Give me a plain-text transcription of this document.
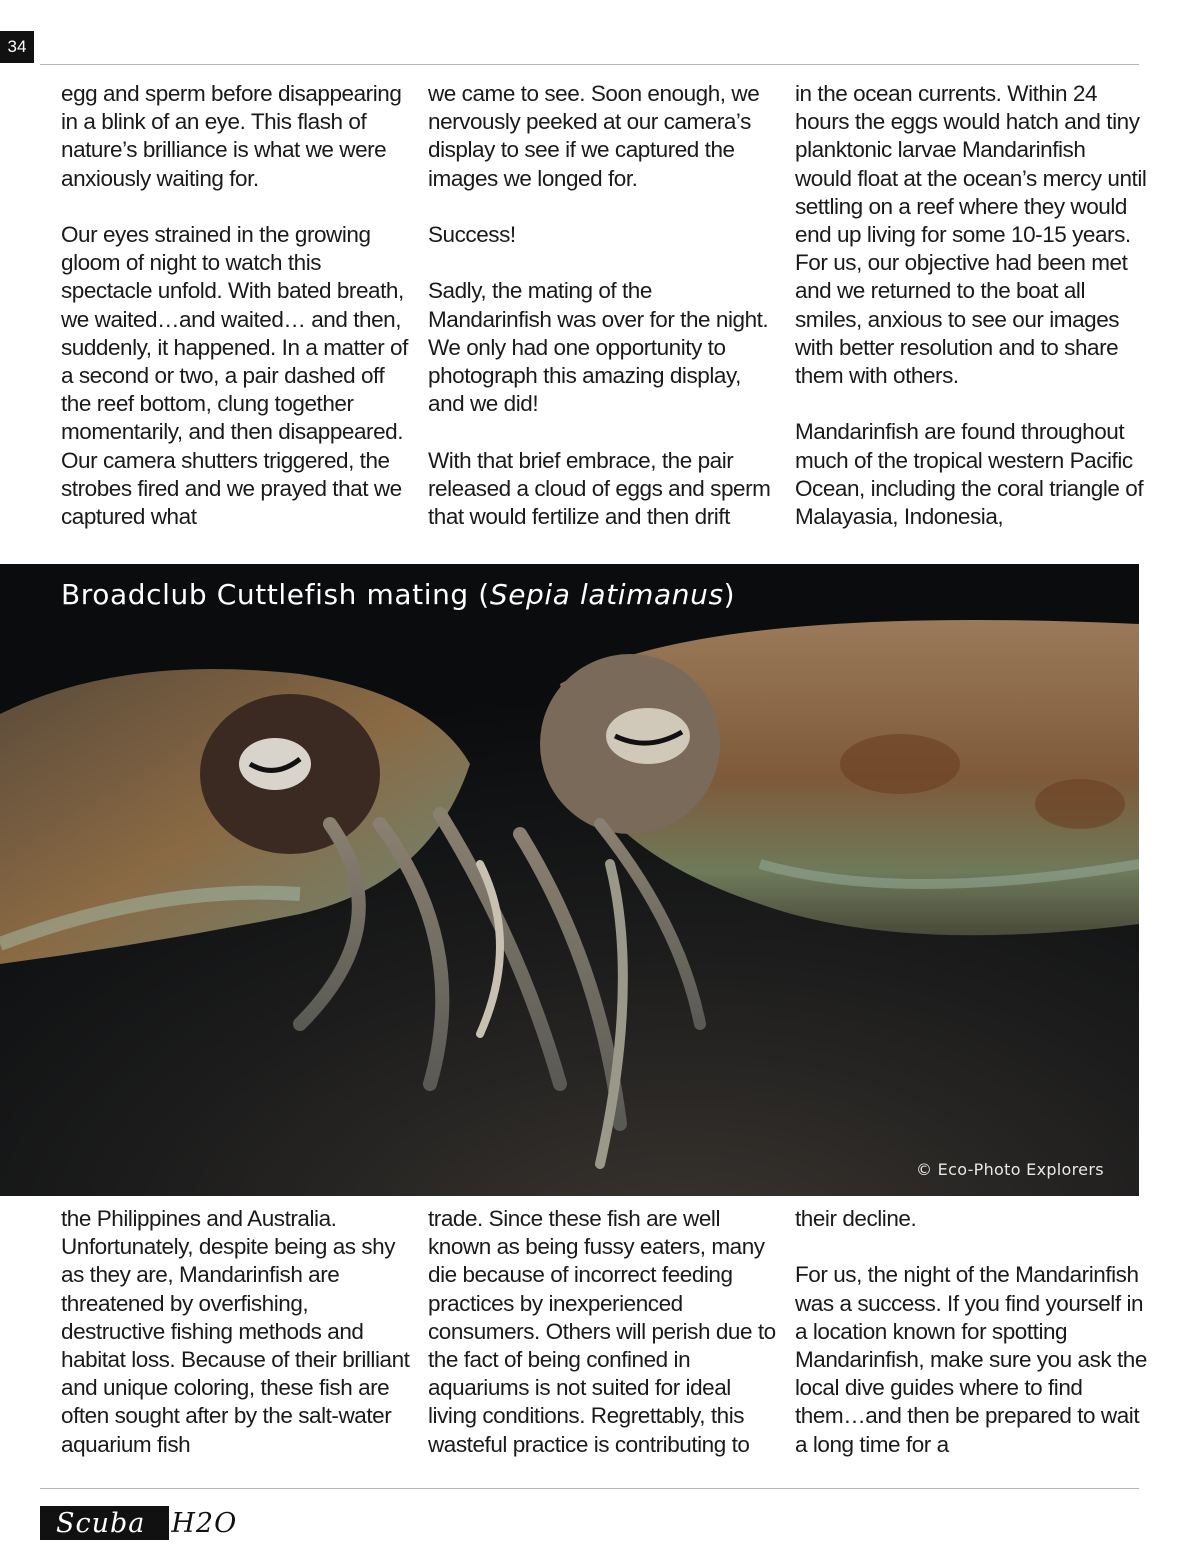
34

egg and sperm before disappearing in a blink of an eye. This flash of nature’s brilliance is what we were anxiously waiting for.

Our eyes strained in the growing gloom of night to watch this spectacle unfold. With bated breath, we waited…and waited… and then, suddenly, it happened. In a matter of a second or two, a pair dashed off the reef bottom, clung together momentarily, and then disappeared. Our camera shutters triggered, the strobes fired and we prayed that we captured what

we came to see. Soon enough, we nervously peeked at our camera’s display to see if we captured the images we longed for.

Success!

Sadly, the mating of the Mandarinfish was over for the night. We only had one opportunity to photograph this amazing display, and we did!

With that brief embrace, the pair released a cloud of eggs and sperm that would fertilize and then drift

in the ocean currents. Within 24 hours the eggs would hatch and tiny planktonic larvae Mandarinfish would float at the ocean’s mercy until settling on a reef where they would end up living for some 10-15 years. For us, our objective had been met and we returned to the boat all smiles, anxious to see our images with better resolution and to share them with others.

Mandarinfish are found throughout much of the tropical western Pacific Ocean, including the coral triangle of Malayasia, Indonesia,

Broadclub Cuttlefish mating (Sepia latimanus)
© Eco-Photo Explorers

the Philippines and Australia. Unfortunately, despite being as shy as they are, Mandarinfish are threatened by overfishing, destructive fishing methods and habitat loss. Because of their brilliant and unique coloring, these fish are often sought after by the salt-water aquarium fish

trade. Since these fish are well known as being fussy eaters, many die because of incorrect feeding practices by inexperienced consumers. Others will perish due to the fact of being confined in aquariums is not suited for ideal living conditions. Regrettably, this wasteful practice is contributing to

their decline.

For us, the night of the Mandarinfish was a success. If you find yourself in a location known for spotting Mandarinfish, make sure you ask the local dive guides where to find them…and then be prepared to wait a long time for a

Scuba H2O
